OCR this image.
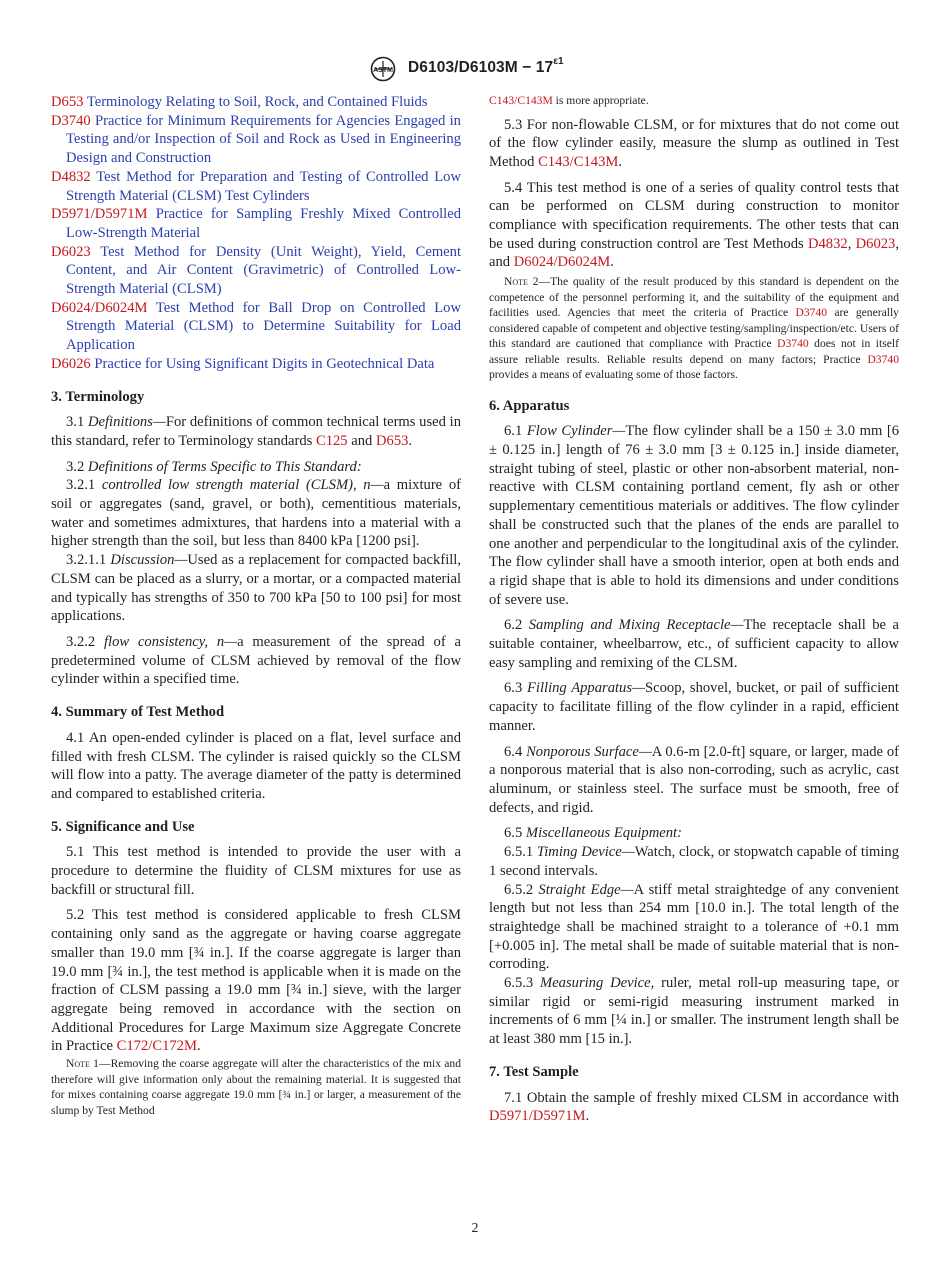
ASTM $D6103/D6103M - 17^{\varepsilon 1}$

D653 Terminology Relating to Soil, Rock, and Contained Fluids

D3740 Practice for Minimum Requirements for Agencies Engaged in Testing and/or Inspection of Soil and Rock as Used in Engineering Design and Construction

D4832 Test Method for Preparation and Testing of Controlled Low Strength Material (CLSM) Test Cylinders

D5971/D5971M Practice for Sampling Freshly Mixed Controlled Low-Strength Material

D6023 Test Method for Density (Unit Weight), Yield, Cement Content, and Air Content (Gravimetric) of Controlled Low-Strength Material (CLSM)

D6024/D6024M Test Method for Ball Drop on Controlled Low Strength Material (CLSM) to Determine Suitability for Load Application

D6026 Practice for Using Significant Digits in Geotechnical Data

3. Terminology

3.1 Definitions—For definitions of common technical terms used in this standard, refer to Terminology standards C125 and D653.

3.2 Definitions of Terms Specific to This Standard:

3.2.1 controlled low strength material (CLSM), n—a mixture of soil or aggregates (sand, gravel, or both), cementitious materials, water and sometimes admixtures, that hardens into a material with a higher strength than the soil, but less than 8400 kPa [1200 psi].

3.2.1.1 Discussion—Used as a replacement for compacted backfill, CLSM can be placed as a slurry, or a mortar, or a compacted material and typically has strengths of 350 to 700 kPa [50 to 100 psi] for most applications.

3.2.2 flow consistency, n—a measurement of the spread of a predetermined volume of CLSM achieved by removal of the flow cylinder within a specified time.

4. Summary of Test Method

4.1 An open-ended cylinder is placed on a flat, level surface and filled with fresh CLSM. The cylinder is raised quickly so the CLSM will flow into a patty. The average diameter of the patty is determined and compared to established criteria.

5. Significance and Use

5.1 This test method is intended to provide the user with a procedure to determine the fluidity of CLSM mixtures for use as backfill or structural fill.

5.2 This test method is considered applicable to fresh CLSM containing only sand as the aggregate or having coarse aggregate smaller than 19.0 mm [¾ in.]. If the coarse aggregate is larger than 19.0 mm [¾ in.], the test method is applicable when it is made on the fraction of CLSM passing a 19.0 mm [¾ in.] sieve, with the larger aggregate being removed in accordance with the section on Additional Procedures for Large Maximum size Aggregate Concrete in Practice C172/C172M.

Note 1—Removing the coarse aggregate will alter the characteristics of the mix and therefore will give information only about the remaining material. It is suggested that for mixes containing coarse aggregate 19.0 mm [¾ in.] or larger, a measurement of the slump by Test Method

C143/C143M is more appropriate.

5.3 For non-flowable CLSM, or for mixtures that do not come out of the flow cylinder easily, measure the slump as outlined in Test Method C143/C143M.

5.4 This test method is one of a series of quality control tests that can be performed on CLSM during construction to monitor compliance with specification requirements. The other tests that can be used during construction control are Test Methods D4832, D6023, and D6024/D6024M.

Note 2—The quality of the result produced by this standard is dependent on the competence of the personnel performing it, and the suitability of the equipment and facilities used. Agencies that meet the criteria of Practice D3740 are generally considered capable of competent and objective testing/sampling/inspection/etc. Users of this standard are cautioned that compliance with Practice D3740 does not in itself assure reliable results. Reliable results depend on many factors; Practice D3740 provides a means of evaluating some of those factors.

6. Apparatus

6.1 Flow Cylinder—The flow cylinder shall be a 150 ± 3.0 mm [6 ± 0.125 in.] length of 76 ± 3.0 mm [3 ± 0.125 in.] inside diameter, straight tubing of steel, plastic or other non-absorbent material, non-reactive with CLSM containing portland cement, fly ash or other supplementary cementitious materials or additives. The flow cylinder shall be constructed such that the planes of the ends are parallel to one another and perpendicular to the longitudinal axis of the cylinder. The flow cylinder shall have a smooth interior, open at both ends and a rigid shape that is able to hold its dimensions and under conditions of severe use.

6.2 Sampling and Mixing Receptacle—The receptacle shall be a suitable container, wheelbarrow, etc., of sufficient capacity to allow easy sampling and remixing of the CLSM.

6.3 Filling Apparatus—Scoop, shovel, bucket, or pail of sufficient capacity to facilitate filling of the flow cylinder in a rapid, efficient manner.

6.4 Nonporous Surface—A 0.6-m [2.0-ft] square, or larger, made of a nonporous material that is also non-corroding, such as acrylic, cast aluminum, or stainless steel. The surface must be smooth, free of defects, and rigid.

6.5 Miscellaneous Equipment:

6.5.1 Timing Device—Watch, clock, or stopwatch capable of timing 1 second intervals.

6.5.2 Straight Edge—A stiff metal straightedge of any convenient length but not less than 254 mm [10.0 in.]. The total length of the straightedge shall be machined straight to a tolerance of +0.1 mm [+0.005 in]. The metal shall be made of suitable material that is non-corroding.

6.5.3 Measuring Device, ruler, metal roll-up measuring tape, or similar rigid or semi-rigid measuring instrument marked in increments of 6 mm [¼ in.] or smaller. The instrument length shall be at least 380 mm [15 in.].

7. Test Sample

7.1 Obtain the sample of freshly mixed CLSM in accordance with D5971/D5971M.

2
